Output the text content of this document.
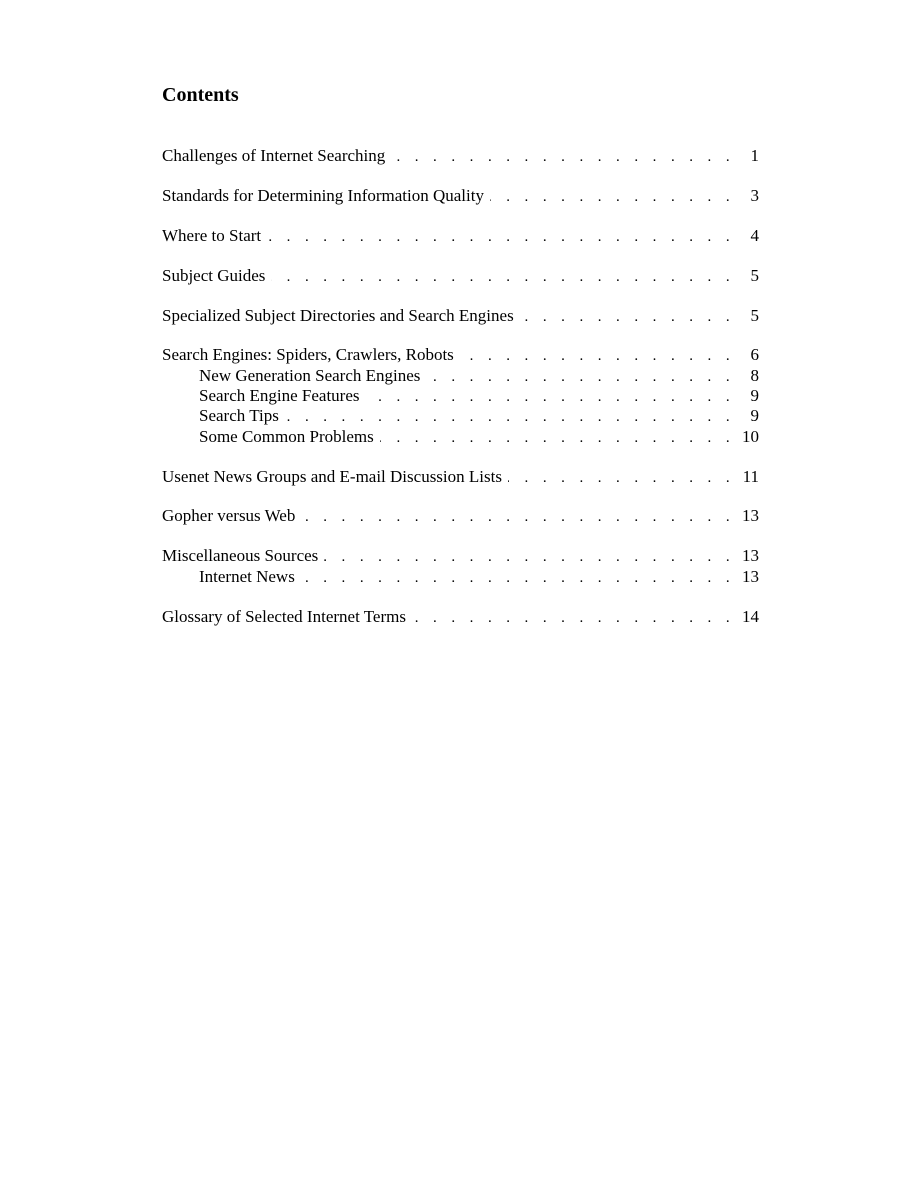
Contents
Challenges of Internet Searching . . .	1
Standards for Determining Information Quality . . .	3
Where to Start . . .	4
Subject Guides . . .	5
Specialized Subject Directories and Search Engines . . .	5
Search Engines: Spiders, Crawlers, Robots . . .	6
New Generation Search Engines . . .	8
Search Engine Features . . .	9
Search Tips . . .	9
Some Common Problems . . .	10
Usenet News Groups and E-mail Discussion Lists . . .	11
Gopher versus Web . . .	13
Miscellaneous Sources . . .	13
Internet News . . .	13
Glossary of Selected Internet Terms . . .	14
